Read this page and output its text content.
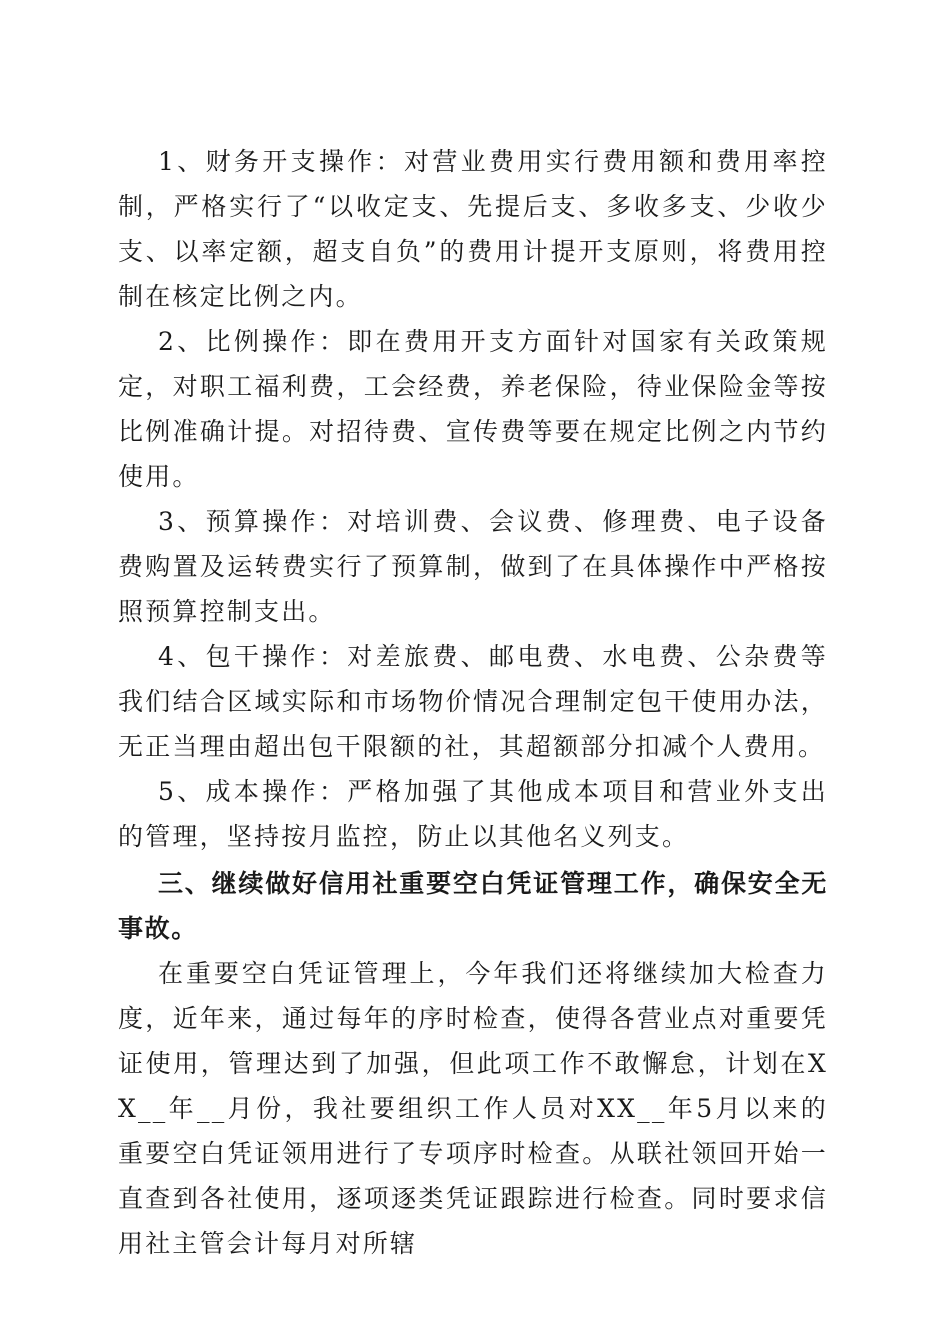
1、财务开支操作：对营业费用实行费用额和费用率控制，严格实行了“以收定支、先提后支、多收多支、少收少支、以率定额，超支自负”的费用计提开支原则，将费用控制在核定比例之内。

2、比例操作：即在费用开支方面针对国家有关政策规定，对职工福利费，工会经费，养老保险，待业保险金等按比例准确计提。对招待费、宣传费等要在规定比例之内节约使用。

3、预算操作：对培训费、会议费、修理费、电子设备费购置及运转费实行了预算制，做到了在具体操作中严格按照预算控制支出。

4、包干操作：对差旅费、邮电费、水电费、公杂费等我们结合区域实际和市场物价情况合理制定包干使用办法，无正当理由超出包干限额的社，其超额部分扣减个人费用。

5、成本操作：严格加强了其他成本项目和营业外支出的管理，坚持按月监控，防止以其他名义列支。

三、继续做好信用社重要空白凭证管理工作，确保安全无事故。

在重要空白凭证管理上，今年我们还将继续加大检查力度，近年来，通过每年的序时检查，使得各营业点对重要凭证使用，管理达到了加强，但此项工作不敢懈怠，计划在XX__年__月份，我社要组织工作人员对XX__年5月以来的重要空白凭证领用进行了专项序时检查。从联社领回开始一直查到各社使用，逐项逐类凭证跟踪进行检查。同时要求信用社主管会计每月对所辖
